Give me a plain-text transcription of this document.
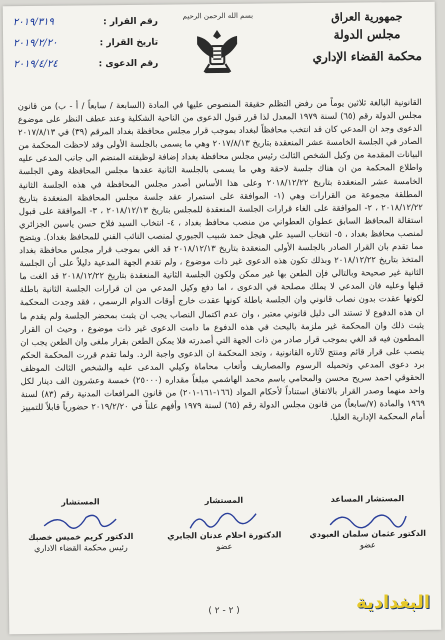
بسم الله الرحمن الرحيم	جمهورية العراق
مجلس الدولة
محكمة القضاء الإداري
٢٠١٩/٣١٩	رقم القرار :
٢٠١٩/٢/٢٠	تاريخ القرار :
٢٠١٩/٤/٢٤	رقم الدعوى :
القانونية البالغة ثلاثين يوماً من رفض التظلم حقيقة المنصوص عليها في المادة (السابعة / سابعاً / أ - ب) من قانون مجلس الدولة رقم (٦٥) لسنة ١٩٧٩ المعدل لذا قرر قبول الدعوى من الناحية الشكلية وعند عطف النظر على موضوع الدعوى وجد ان المدعي كان قد انتخب محافظاً لبغداد بموجب قرار مجلس محافظة بغداد المرقم (٣٩) في ٢٠١٧/٨/١٣ الصادر في الجلسة الخامسة عشر المنعقدة بتاريخ ٢٠١٧/٨/١٣ وهي ما يسمى بالجلسة الأولى وقد لاحظت المحكمة من البيانات المقدمة من وكيل الشخص الثالث رئيس مجلس محافظة بغداد إضافة لوظيفته المنضم الى جانب المدعى عليه واطلاع المحكمة من ان هناك جلسة لاحقة وهي ما يسمى بالجلسة الثانية عقدها مجلس المحافظة وهي الجلسة الخامسة عشر المنعقدة بتاريخ ٢٠١٨/١٢/٢٢ وعلى هذا الأساس أصدر مجلس المحافظة في هذه الجلسة الثانية المطلقة مجموعة من القرارات وهي (١- الموافقة على استمرار عقد جلسة مجلس المحافظة المنعقدة بتاريخ ٢٠١٨/١٢/٢٢ ، ٢- الموافقة على الغاء قرارات الجلسة المنعقدة للمجلس بتاريخ ٢٠١٨/١٢/١٣ ، ٣- الموافقة على قبول استقالة المحافظ السابق عطوان العطواني من منصب محافظ بغداد ، ٤- انتخاب السيد فلاح حسن ياسين الجزائري لمنصب محافظ بغداد ، ٥- انتخاب السيد علي هيجل حمد شبيب الجبوري لمنصب النائب الفني للمحافظ بغداد). ويتضح مما تقدم بان القرار الصادر بالجلسة الأولى المنعقدة بتاريخ ٢٠١٨/١٢/١٣ قد الغي بموجب قرار مجلس محافظة بغداد المتخذ بتاريخ ٢٠١٨/١٢/٢٢ وبذلك تكون هذه الدعوى غير ذات موضوع ، ولم تقدم الجهة المدعية دليلاً على أن الجلسة الثانية غير صحيحة وبالتالي فإن الطعن بها غير ممكن ولكون الجلسة الثانية المنعقدة بتاريخ ٢٠١٨/١٢/٢٢ قد الغت ما قبلها وعليه فان المدعي لا يملك مصلحة في الدعوى ، اما دفع وكيل المدعي من ان قرارات الجلسة الثانية باطلة لكونها عقدت بدون نصاب قانوني وان الجلسة باطلة كونها عقدت خارج أوقات الدوام الرسمي ، فقد وجدت المحكمة ان هذه الدفوع لا تستند الى دليل قانوني معتبر ، وان عدم اكتمال النصاب يجب ان يثبت بمحضر الجلسة ولم يقدم ما يثبت ذلك وان المحكمة غير ملزمة بالبحث في هذه الدفوع ما دامت الدعوى غير ذات موضوع ، وحيث ان القرار المطعون فيه قد الغي بموجب قرار صادر من ذات الجهة التي أصدرته فلا يمكن الطعن بقرار ملغى وان الطعن يجب ان ينصب على قرار قائم ومنتج لآثاره القانونية ، وتجد المحكمة ان الدعوى واجبة الرد. ولما تقدم قررت المحكمة الحكم برد دعوى المدعي وتحميله الرسوم والمصاريف وأتعاب محاماة وكيلي المدعى عليه والشخص الثالث الموظف الحقوقي احمد سريح محسن والمحامي باسم محمد الهاشمي مبلغاً مقداره (٢٥٠٠٠) خمسة وعشرون الف دينار لكل واحد منهما وصدر القرار بالاتفاق استناداً لأحكام المواد (١٦٦-١٦١-٢٠١) من قانون المرافعات المدنية رقم (٨٣) لسنة ١٩٦٩ والمادة (٧/سابعاً) من قانون مجلس الدولة رقم (٦٥) لسنة ١٩٧٩ وأفهم علناً في ٢٠١٩/٢/٢٠ حضورياً قابلاً للتمييز أمام المحكمة الإدارية العليا.
المستشار المساعد
الدكتور عثمان سلمان العبودي
عضو
المستشار
الدكتورة احلام عدنان الجابري
عضو
المستشار
الدكتور كريم خميس خصبك
رئيس محكمة القضاء الاداري
( ٢ - ٢ )	البغدادية
